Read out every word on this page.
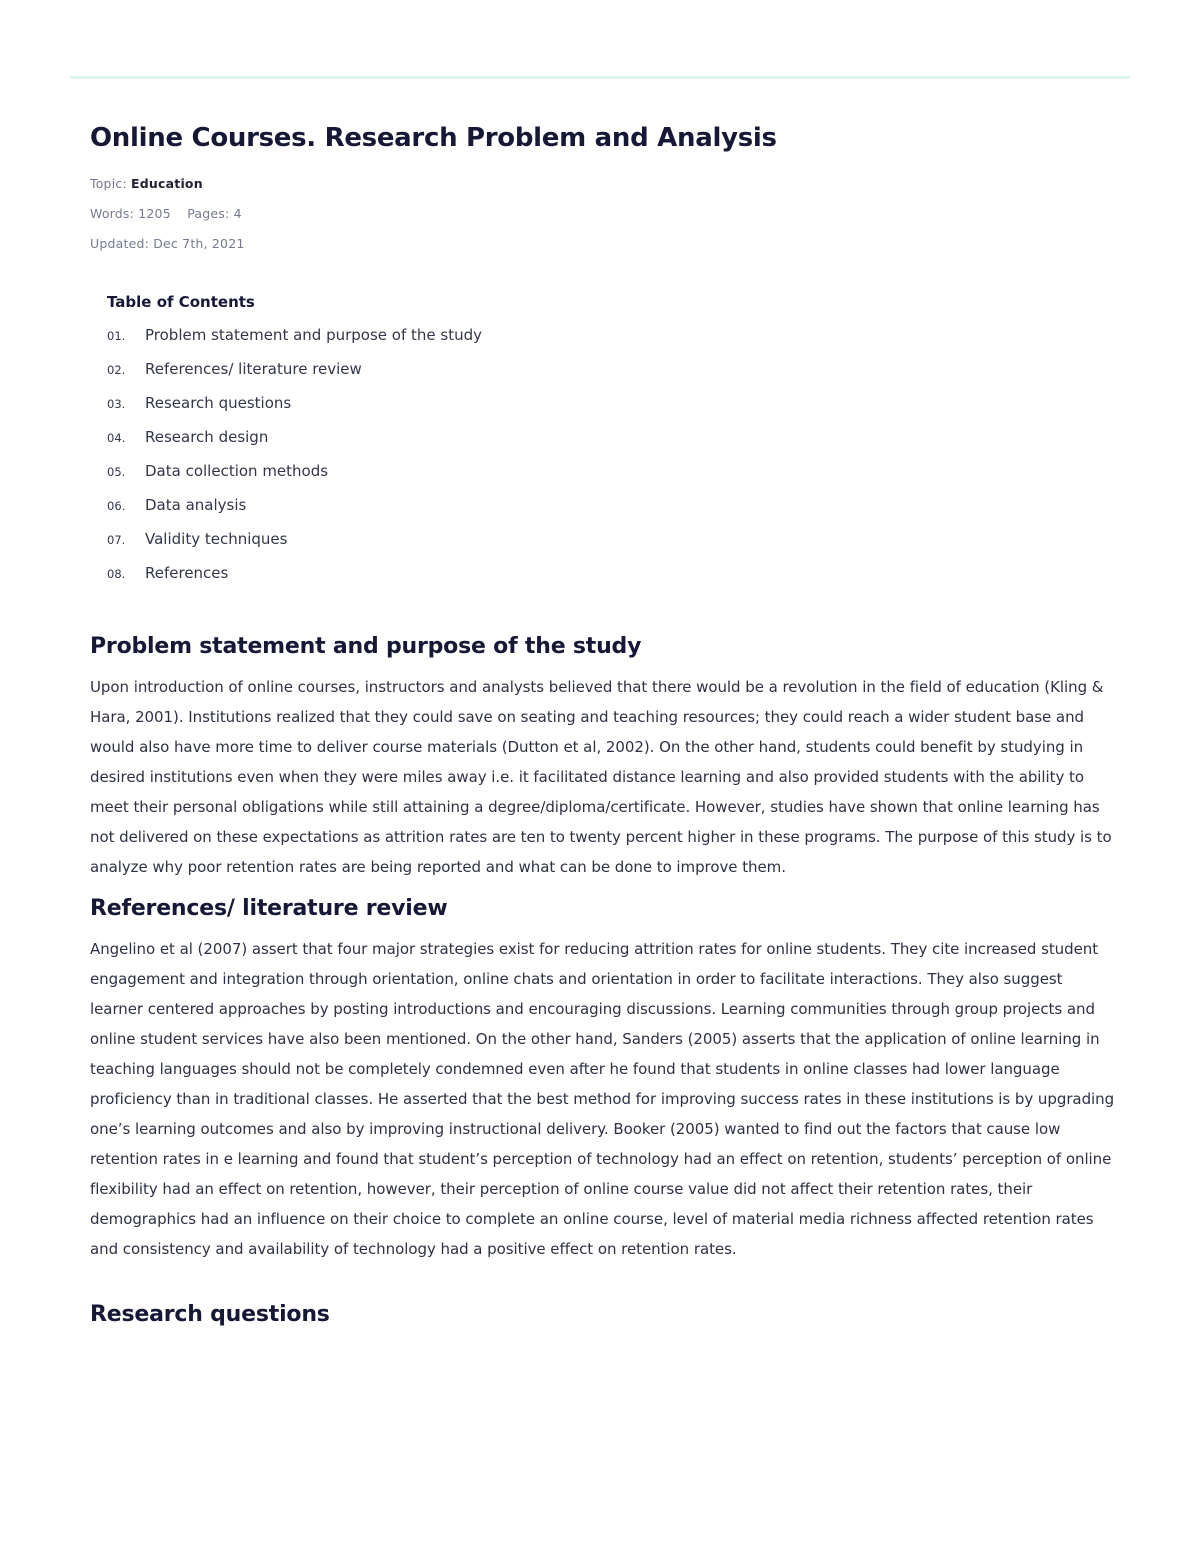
Online Courses. Research Problem and Analysis
Topic: Education
Words: 1205 Pages: 4
Updated: Dec 7th, 2021
Table of Contents
01.	Problem statement and purpose of the study
02.	References/ literature review
03.	Research questions
04.	Research design
05.	Data collection methods
06.	Data analysis
07.	Validity techniques
08.	References
Problem statement and purpose of the study

Upon introduction of online courses, instructors and analysts believed that there would be a revolution in the field of education (Kling & Hara, 2001). Institutions realized that they could save on seating and teaching resources; they could reach a wider student base and would also have more time to deliver course materials (Dutton et al, 2002). On the other hand, students could benefit by studying in desired institutions even when they were miles away i.e. it facilitated distance learning and also provided students with the ability to meet their personal obligations while still attaining a degree/diploma/certificate. However, studies have shown that online learning has not delivered on these expectations as attrition rates are ten to twenty percent higher in these programs. The purpose of this study is to analyze why poor retention rates are being reported and what can be done to improve them.

References/ literature review

Angelino et al (2007) assert that four major strategies exist for reducing attrition rates for online students. They cite increased student engagement and integration through orientation, online chats and orientation in order to facilitate interactions. They also suggest learner centered approaches by posting introductions and encouraging discussions. Learning communities through group projects and online student services have also been mentioned. On the other hand, Sanders (2005) asserts that the application of online learning in teaching languages should not be completely condemned even after he found that students in online classes had lower language proficiency than in traditional classes. He asserted that the best method for improving success rates in these institutions is by upgrading one’s learning outcomes and also by improving instructional delivery. Booker (2005) wanted to find out the factors that cause low retention rates in e learning and found that student’s perception of technology had an effect on retention, students’ perception of online flexibility had an effect on retention, however, their perception of online course value did not affect their retention rates, their demographics had an influence on their choice to complete an online course, level of material media richness affected retention rates and consistency and availability of technology had a positive effect on retention rates.

Research questions
